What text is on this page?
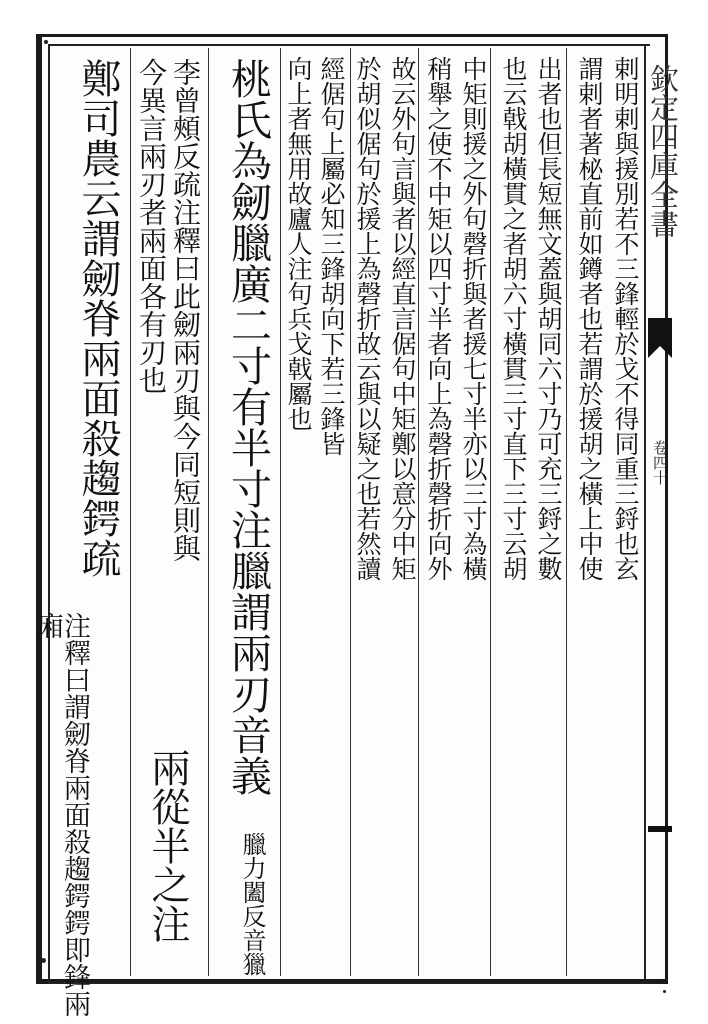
欽定四庫全書
卷四十
剌明剌與援別若不三鋒輕於戈不得同重三鋝也玄
謂剌者著柲直前如鐏者也若謂於援胡之橫上中使
出者也但長短無文蓋與胡同六寸乃可充三鋝之數
也云戟胡橫貫之者胡六寸橫貫三寸直下三寸云胡
中矩則援之外句磬折與者援七寸半亦以三寸為橫
稍舉之使不中矩以四寸半者向上為磬折磬折向外
故云外句言與者以經直言倨句中矩鄭以意分中矩
於胡似倨句於援上為磬折故云與以疑之也若然讀
經倨句上屬必知三鋒胡向下若三鋒皆
向上者無用故廬人注句兵戈戟屬也
桃氏為劒臘廣二寸有半寸注臘謂兩刃音義
臘力闔反音獵
李曾頰反疏注釋曰此劒兩刃與今同短則與
今異言兩刃者兩面各有刃也
兩從半之注
鄭司農云謂劒脊兩面殺趨鍔疏
注釋曰謂劒脊兩面殺趨鍔鍔即鋒兩廂
